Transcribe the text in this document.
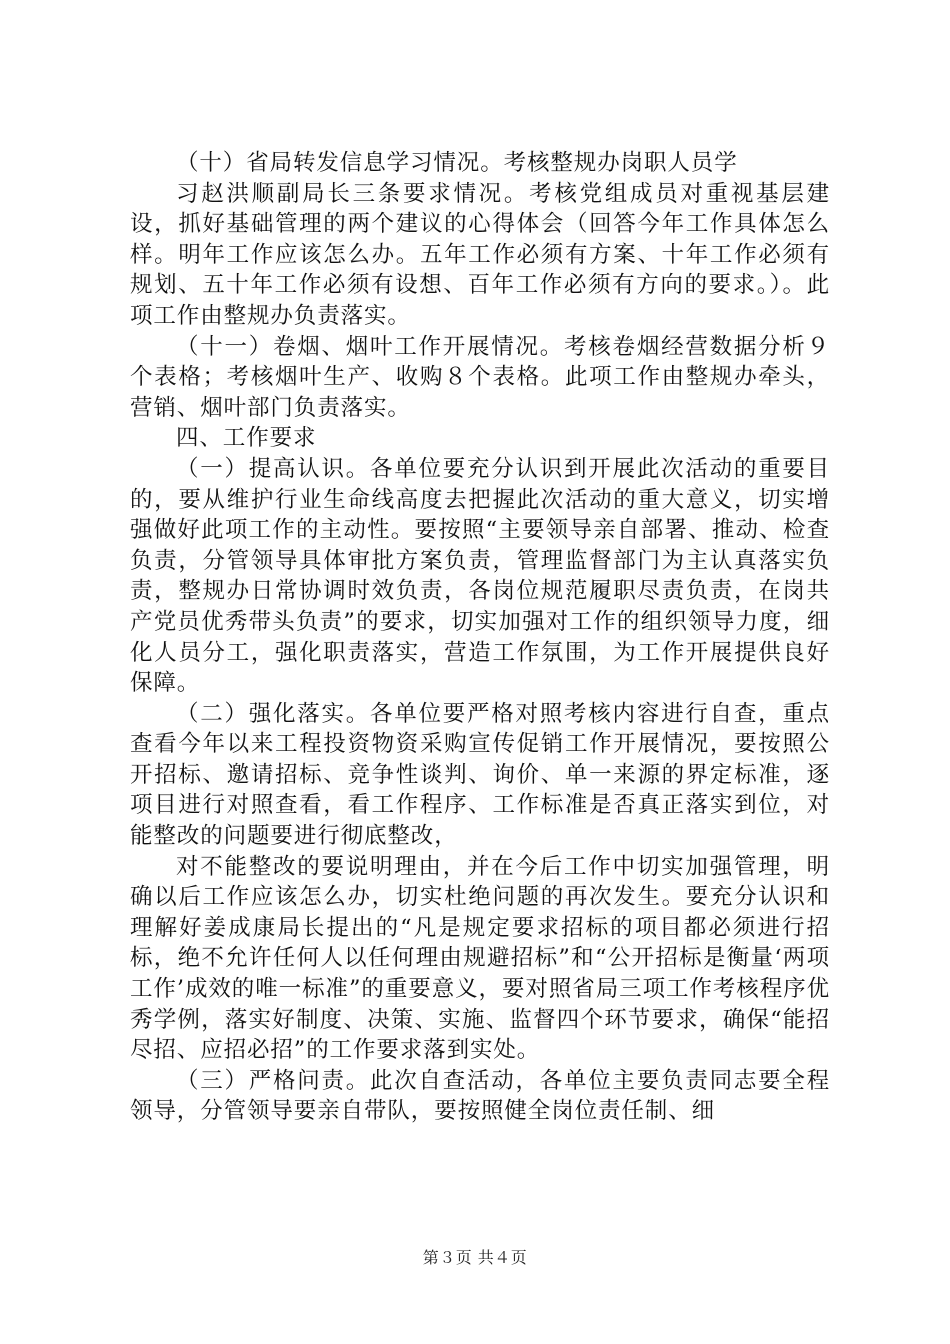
（十）省局转发信息学习情况。考核整规办岗职人员学

习赵洪顺副局长三条要求情况。考核党组成员对重视基层建设，抓好基础管理的两个建议的心得体会（回答今年工作具体怎么样。明年工作应该怎么办。五年工作必须有方案、十年工作必须有规划、五十年工作必须有设想、百年工作必须有方向的要求。）。此项工作由整规办负责落实。

（十一）卷烟、烟叶工作开展情况。考核卷烟经营数据分析９个表格；考核烟叶生产、收购８个表格。此项工作由整规办牵头，营销、烟叶部门负责落实。

四、工作要求

（一）提高认识。各单位要充分认识到开展此次活动的重要目的，要从维护行业生命线高度去把握此次活动的重大意义，切实增强做好此项工作的主动性。要按照“主要领导亲自部署、推动、检查负责，分管领导具体审批方案负责，管理监督部门为主认真落实负责，整规办日常协调时效负责，各岗位规范履职尽责负责，在岗共产党员优秀带头负责”的要求，切实加强对工作的组织领导力度，细化人员分工，强化职责落实，营造工作氛围，为工作开展提供良好保障。

（二）强化落实。各单位要严格对照考核内容进行自查，重点查看今年以来工程投资物资采购宣传促销工作开展情况，要按照公开招标、邀请招标、竞争性谈判、询价、单一来源的界定标准，逐项目进行对照查看，看工作程序、工作标准是否真正落实到位，对能整改的问题要进行彻底整改，

对不能整改的要说明理由，并在今后工作中切实加强管理，明确以后工作应该怎么办，切实杜绝问题的再次发生。要充分认识和理解好姜成康局长提出的“凡是规定要求招标的项目都必须进行招标，绝不允许任何人以任何理由规避招标”和“公开招标是衡量‘两项工作’成效的唯一标准”的重要意义，要对照省局三项工作考核程序优秀学例，落实好制度、决策、实施、监督四个环节要求，确保“能招尽招、应招必招”的工作要求落到实处。

（三）严格问责。此次自查活动，各单位主要负责同志要全程领导，分管领导要亲自带队，要按照健全岗位责任制、细

第３页 共４页
